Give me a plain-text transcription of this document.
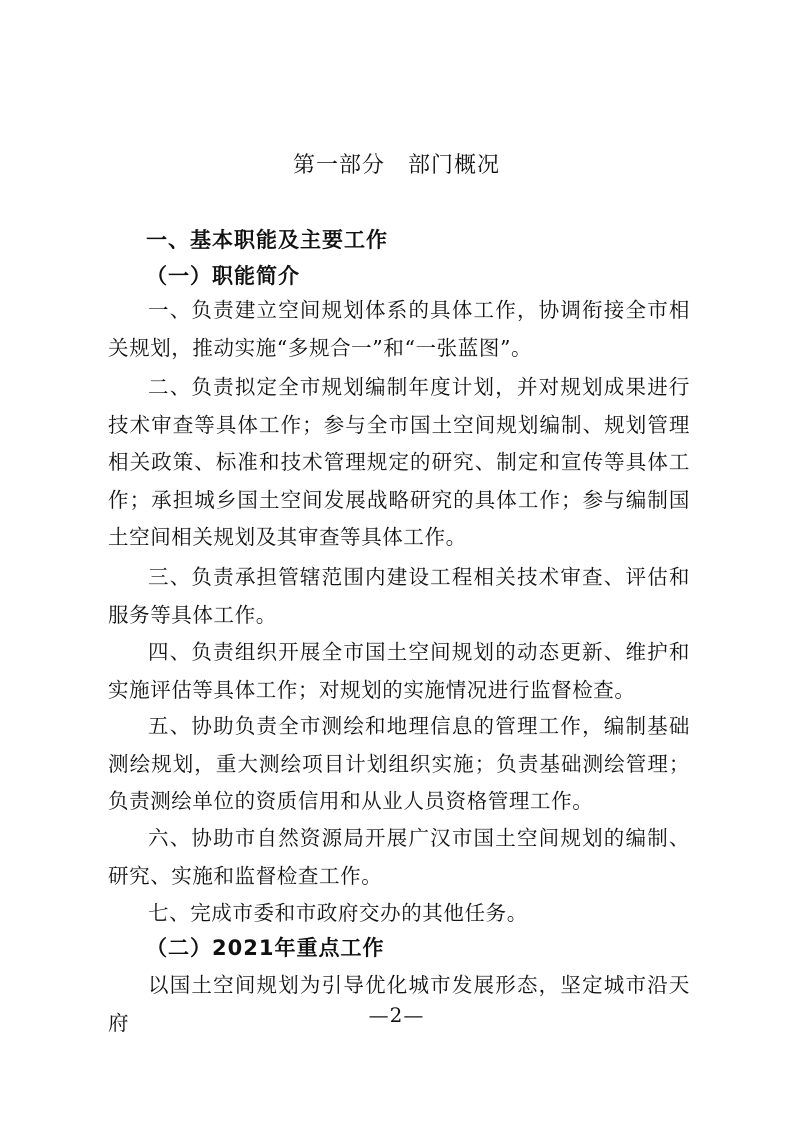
第一部分　部门概况
一、基本职能及主要工作
（一）职能简介
一、负责建立空间规划体系的具体工作，协调衔接全市相关规划，推动实施“多规合一”和“一张蓝图”。
二、负责拟定全市规划编制年度计划，并对规划成果进行技术审查等具体工作；参与全市国土空间规划编制、规划管理相关政策、标准和技术管理规定的研究、制定和宣传等具体工作；承担城乡国土空间发展战略研究的具体工作；参与编制国土空间相关规划及其审查等具体工作。
三、负责承担管辖范围内建设工程相关技术审查、评估和服务等具体工作。
四、负责组织开展全市国土空间规划的动态更新、维护和实施评估等具体工作；对规划的实施情况进行监督检查。
五、协助负责全市测绘和地理信息的管理工作，编制基础测绘规划，重大测绘项目计划组织实施；负责基础测绘管理；负责测绘单位的资质信用和从业人员资格管理工作。
六、协助市自然资源局开展广汉市国土空间规划的编制、研究、实施和监督检查工作。
七、完成市委和市政府交办的其他任务。
（二）2021年重点工作
以国土空间规划为引导优化城市发展形态，坚定城市沿天府	—2—
